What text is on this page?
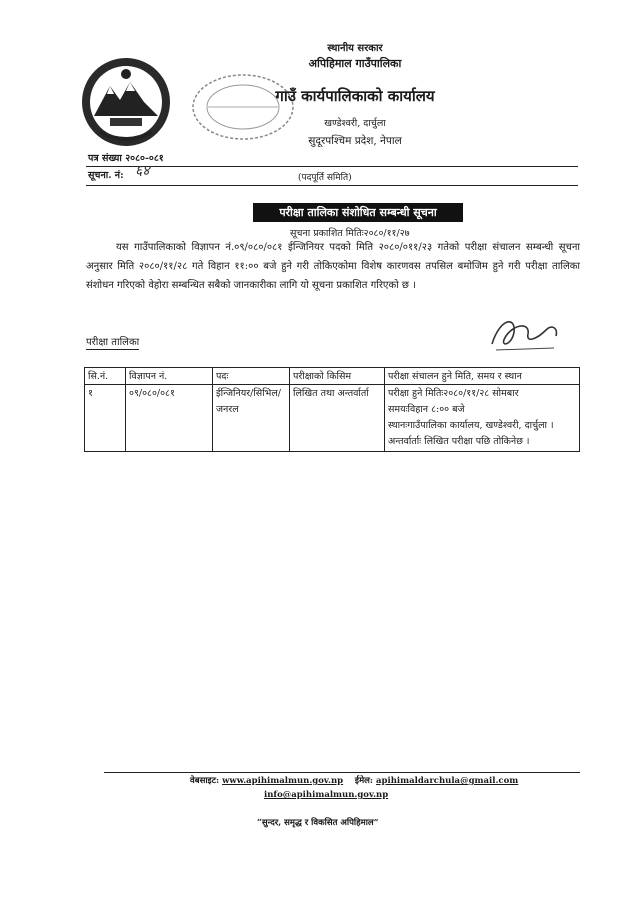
स्थानीय सरकार
अपिहिमाल गाउँपालिका
गाउँ कार्यपालिकाको कार्यालय
खण्डेश्वरी, दार्चुला
सुदूरपश्चिम प्रदेश, नेपाल
पत्र संख्या २०८०-०८१
सूचना. नं: ६४	(पदपूर्ति समिति)
परीक्षा तालिका संशोधित सम्बन्धी सूचना
सूचना प्रकाशित मितिः२०८०/११/२७
यस गाउँपालिकाको विज्ञापन नं.०९/०८०/०८१ ईन्जिनियर पदको मिति २०८०/०११/२३ गतेको परीक्षा संचालन सम्बन्धी सूचना अनुसार मिति २०८०/११/२८ गते विहान ११:०० बजे हुने गरी तोकिएकोमा विशेष कारणवस तपसिल बमोजिम हुने गरी परीक्षा तालिका संशोधन गरिएको वेहोरा सम्बन्धित सबैको जानकारीका लागि यो सूचना प्रकाशित गरिएको छ ।
परीक्षा तालिका
सि.नं.	विज्ञापन नं.	पदः	परीक्षाको किसिम	परीक्षा संचालन हुने मिति, समय र स्थान
१	०९/०८०/०८१	ईन्जिनियर/सिभिल/जनरल	लिखित तथा अन्तर्वार्ता	परीक्षा हुने मितिः२०८०/११/२८ सोमबार
समयःविहान ८:०० बजे
स्थानःगाउँपालिका कार्यालय, खण्डेश्वरी, दार्चुला ।
अन्तर्वार्ताः लिखित परीक्षा पछि तोकिनेछ ।
वेबसाइट: www.apihimalmun.gov.np ईमेल: apihimaldarchula@gmail.com
info@apihimalmun.gov.np
“सुन्दर, समृद्ध र विकसित अपिहिमाल”
